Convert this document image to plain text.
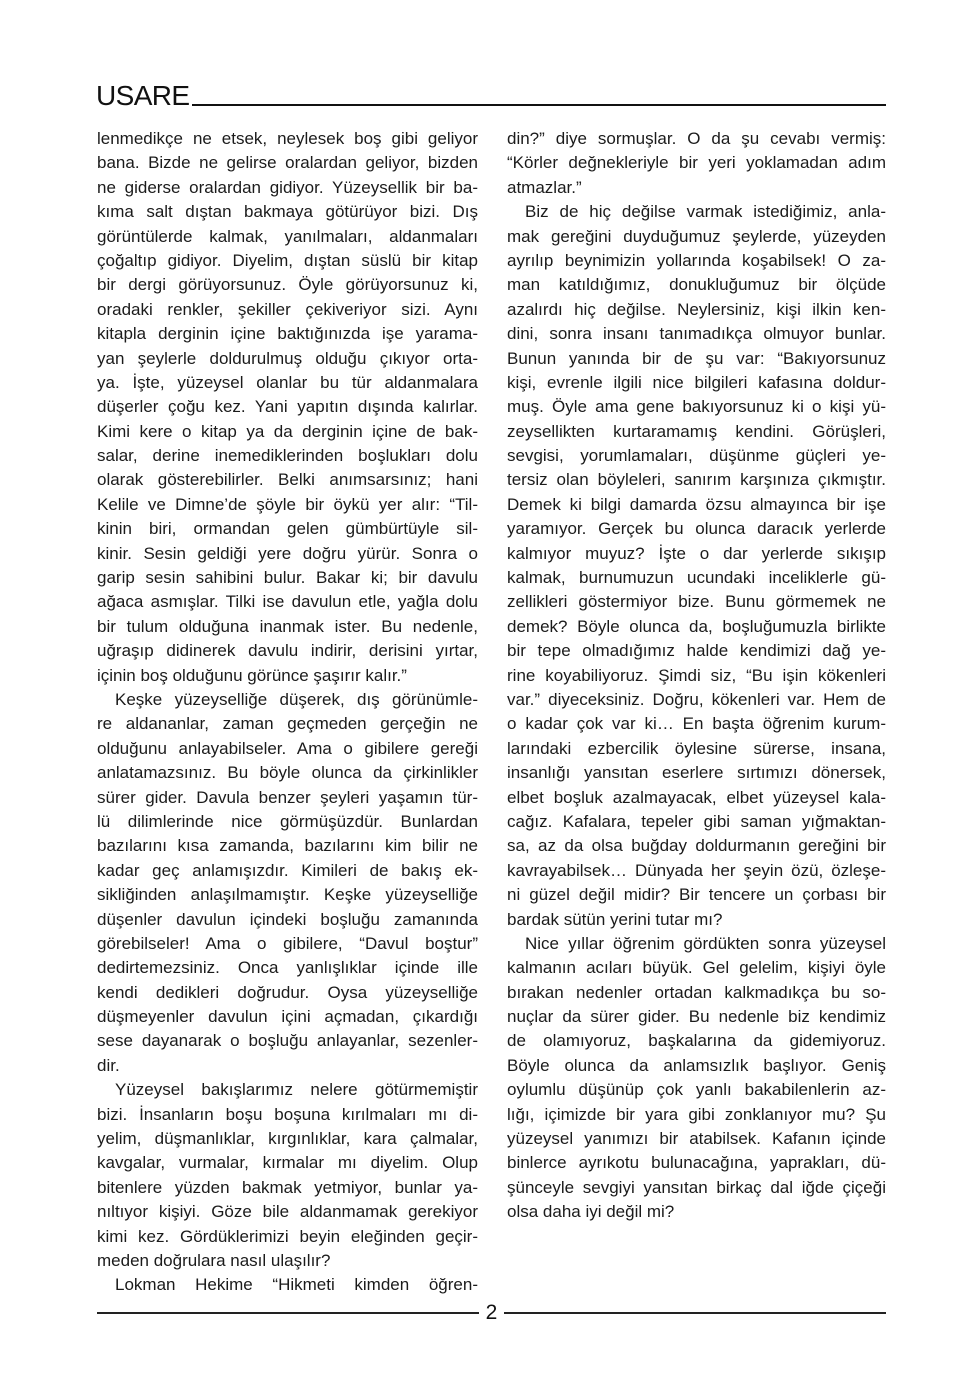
USARE
lenmedikçe ne etsek, neylesek boş gibi geliyor
bana. Bizde ne gelirse oralardan geliyor, bizden
ne giderse oralardan gidiyor. Yüzeysellik bir ba-
kıma salt dıştan bakmaya götürüyor bizi. Dış
görüntülerde kalmak, yanılmaları, aldanmaları
çoğaltıp gidiyor. Diyelim, dıştan süslü bir kitap
bir dergi görüyorsunuz. Öyle görüyorsunuz ki,
oradaki renkler, şekiller çekiveriyor sizi. Aynı
kitapla derginin içine baktığınızda işe yarama-
yan şeylerle doldurulmuş olduğu çıkıyor orta-
ya. İşte, yüzeysel olanlar bu tür aldanmalara
düşerler çoğu kez. Yani yapıtın dışında kalırlar.
Kimi kere o kitap ya da derginin içine de bak-
salar, derine inemediklerinden boşlukları dolu
olarak gösterebilirler. Belki anımsarsınız; hani
Kelile ve Dimne’de şöyle bir öykü yer alır: “Til-
kinin biri, ormandan gelen gümbürtüyle sil-
kinir. Sesin geldiği yere doğru yürür. Sonra o
garip sesin sahibini bulur. Bakar ki; bir davulu
ağaca asmışlar. Tilki ise davulun etle, yağla dolu
bir tulum olduğuna inanmak ister. Bu nedenle,
uğraşıp didinerek davulu indirir, derisini yırtar,
içinin boş olduğunu görünce şaşırır kalır.”
Keşke yüzeyselliğe düşerek, dış görünümle-
re aldananlar, zaman geçmeden gerçeğin ne
olduğunu anlayabilseler. Ama o gibilere gereği
anlatamazsınız. Bu böyle olunca da çirkinlikler
sürer gider. Davula benzer şeyleri yaşamın tür-
lü dilimlerinde nice görmüşüzdür. Bunlardan
bazılarını kısa zamanda, bazılarını kim bilir ne
kadar geç anlamışızdır. Kimileri de bakış ek-
sikliğinden anlaşılmamıştır. Keşke yüzeyselliğe
düşenler davulun içindeki boşluğu zamanında
görebilseler! Ama o gibilere, “Davul boştur”
dedirtemezsiniz. Onca yanlışlıklar içinde ille
kendi dedikleri doğrudur. Oysa yüzeyselliğe
düşmeyenler davulun içini açmadan, çıkardığı
sese dayanarak o boşluğu anlayanlar, sezenler-
dir.
Yüzeysel bakışlarımız nelere götürmemiştir
bizi. İnsanların boşu boşuna kırılmaları mı di-
yelim, düşmanlıklar, kırgınlıklar, kara çalmalar,
kavgalar, vurmalar, kırmalar mı diyelim. Olup
bitenlere yüzden bakmak yetmiyor, bunlar ya-
nıltıyor kişiyi. Göze bile aldanmamak gerekiyor
kimi kez. Gördüklerimizi beyin eleğinden geçir-
meden doğrulara nasıl ulaşılır?
Lokman Hekime “Hikmeti kimden öğren-
din?” diye sormuşlar. O da şu cevabı vermiş:
“Körler değnekleriyle bir yeri yoklamadan adım
atmazlar.”
Biz de hiç değilse varmak istediğimiz, anla-
mak gereğini duyduğumuz şeylerde, yüzeyden
ayrılıp beynimizin yollarında koşabilsek! O za-
man katıldığımız, donukluğumuz bir ölçüde
azalırdı hiç değilse. Neylersiniz, kişi ilkin ken-
dini, sonra insanı tanımadıkça olmuyor bunlar.
Bunun yanında bir de şu var: “Bakıyorsunuz
kişi, evrenle ilgili nice bilgileri kafasına doldur-
muş. Öyle ama gene bakıyorsunuz ki o kişi yü-
zeysellikten kurtaramamış kendini. Görüşleri,
sevgisi, yorumlamaları, düşünme güçleri ye-
tersiz olan böyleleri, sanırım karşınıza çıkmıştır.
Demek ki bilgi damarda özsu almayınca bir işe
yaramıyor. Gerçek bu olunca daracık yerlerde
kalmıyor muyuz? İşte o dar yerlerde sıkışıp
kalmak, burnumuzun ucundaki inceliklerle gü-
zellikleri göstermiyor bize. Bunu görmemek ne
demek? Böyle olunca da, boşluğumuzla birlikte
bir tepe olmadığımız halde kendimizi dağ ye-
rine koyabiliyoruz. Şimdi siz, “Bu işin kökenleri
var.” diyeceksiniz. Doğru, kökenleri var. Hem de
o kadar çok var ki… En başta öğrenim kurum-
larındaki ezbercilik öylesine sürerse, insana,
insanlığı yansıtan eserlere sırtımızı dönersek,
elbet boşluk azalmayacak, elbet yüzeysel kala-
cağız. Kafalara, tepeler gibi saman yığmaktan-
sa, az da olsa buğday doldurmanın gereğini bir
kavrayabilsek… Dünyada her şeyin özü, özleşe-
ni güzel değil midir? Bir tencere un çorbası bir
bardak sütün yerini tutar mı?
Nice yıllar öğrenim gördükten sonra yüzeysel
kalmanın acıları büyük. Gel gelelim, kişiyi öyle
bırakan nedenler ortadan kalkmadıkça bu so-
nuçlar da sürer gider. Bu nedenle biz kendimiz
de olamıyoruz, başkalarına da gidemiyoruz.
Böyle olunca da anlamsızlık başlıyor. Geniş
oylumlu düşünüp çok yanlı bakabilenlerin az-
lığı, içimizde bir yara gibi zonklanıyor mu? Şu
yüzeysel yanımızı bir atabilsek. Kafanın içinde
binlerce ayrıkotu bulunacağına, yaprakları, dü-
şünceyle sevgiyi yansıtan birkaç dal iğde çiçeği
olsa daha iyi değil mi?
2
